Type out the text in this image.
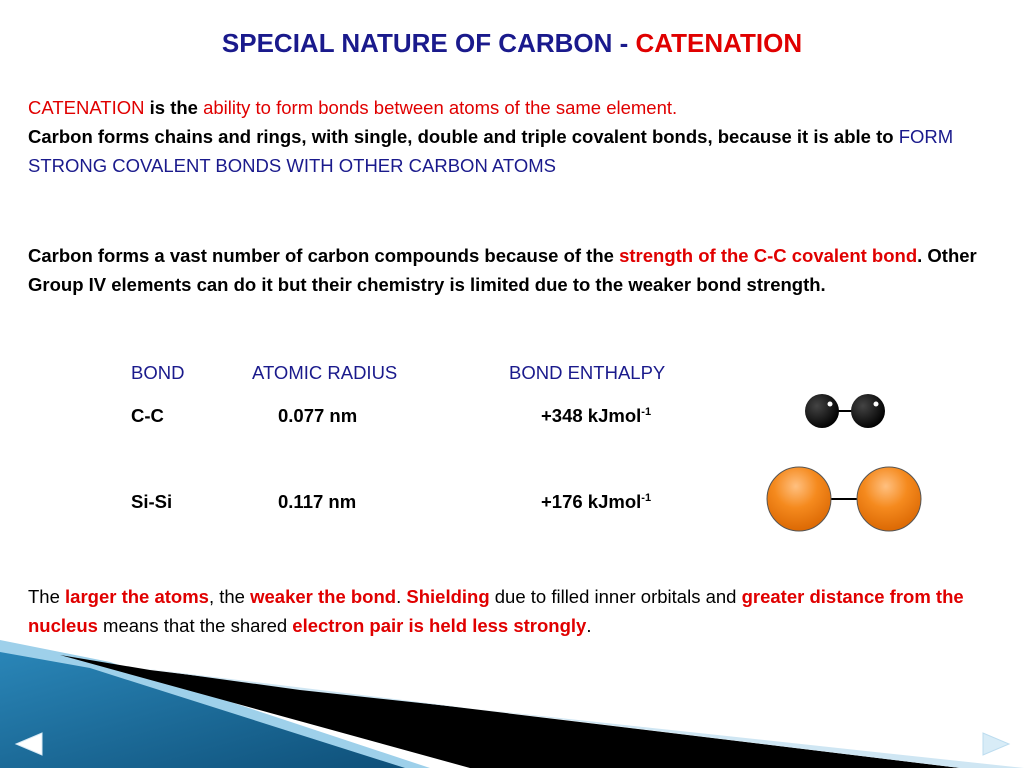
SPECIAL NATURE OF CARBON - CATENATION
CATENATION is the ability to form bonds between atoms of the same element.
Carbon forms chains and rings, with single, double and triple covalent bonds, because it is able to FORM STRONG COVALENT BONDS WITH OTHER CARBON ATOMS
Carbon forms a vast number of carbon compounds because of the strength of the C-C covalent bond. Other Group IV elements can do it but their chemistry is limited due to the weaker bond strength.
BOND	ATOMIC RADIUS	BOND ENTHALPY
C-C	0.077 nm	+348 kJmol$^{-1}$
Si-Si	0.117 nm	+176 kJmol$^{-1}$
The larger the atoms, the weaker the bond. Shielding due to filled inner orbitals and greater distance from the nucleus means that the shared electron pair is held less strongly.
